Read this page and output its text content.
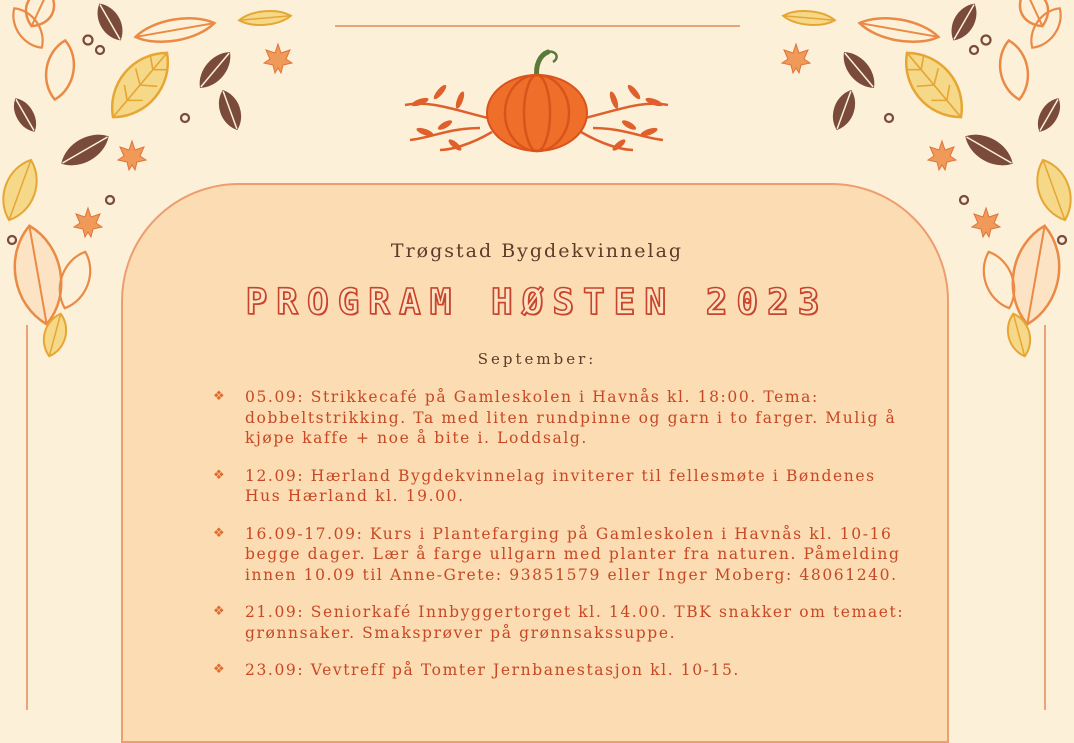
Trøgstad Bygdekvinnelag
PROGRAM HØSTEN 2023
September:
❖ 05.09: Strikkecafé på Gamleskolen i Havnås kl. 18:00. Tema: dobbeltstrikking. Ta med liten rundpinne og garn i to farger. Mulig å kjøpe kaffe + noe å bite i. Loddsalg.
❖ 12.09: Hærland Bygdekvinnelag inviterer til fellesmøte i Bøndenes Hus Hærland kl. 19.00.
❖ 16.09-17.09: Kurs i Plantefarging på Gamleskolen i Havnås kl. 10-16 begge dager. Lær å farge ullgarn med planter fra naturen. Påmelding innen 10.09 til Anne-Grete: 93851579 eller Inger Moberg: 48061240.
❖ 21.09: Seniorkafé Innbyggertorget kl. 14.00. TBK snakker om temaet: grønnsaker. Smaksprøver på grønnsakssuppe.
❖ 23.09: Vevtreff på Tomter Jernbanestasjon kl. 10-15.
